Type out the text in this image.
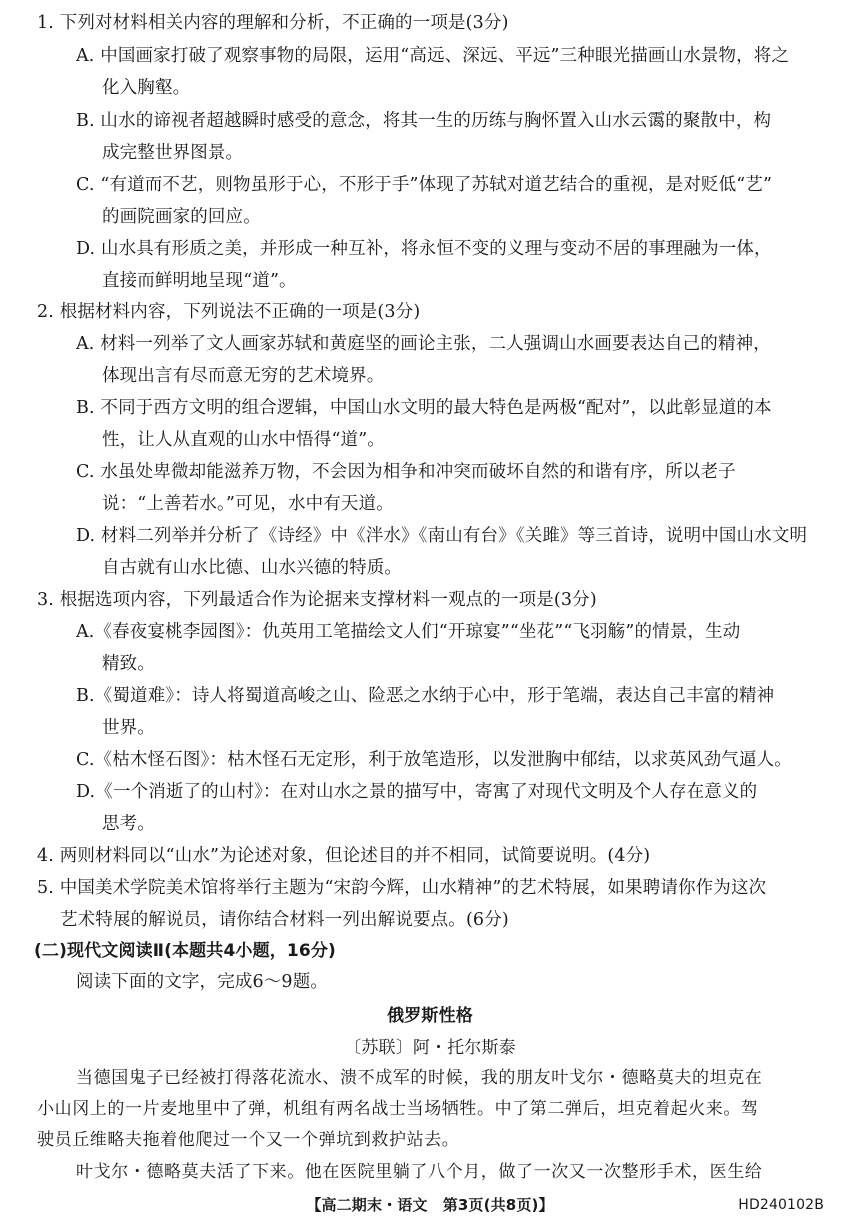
1. 下列对材料相关内容的理解和分析，不正确的一项是(3分)
A. 中国画家打破了观察事物的局限，运用“高远、深远、平远”三种眼光描画山水景物，将之
化入胸壑。
B. 山水的谛视者超越瞬时感受的意念，将其一生的历练与胸怀置入山水云霭的聚散中，构
成完整世界图景。
C. “有道而不艺，则物虽形于心，不形于手”体现了苏轼对道艺结合的重视，是对贬低“艺”
的画院画家的回应。
D. 山水具有形质之美，并形成一种互补，将永恒不变的义理与变动不居的事理融为一体，
直接而鲜明地呈现“道”。
2. 根据材料内容，下列说法不正确的一项是(3分)
A. 材料一列举了文人画家苏轼和黄庭坚的画论主张，二人强调山水画要表达自己的精神，
体现出言有尽而意无穷的艺术境界。
B. 不同于西方文明的组合逻辑，中国山水文明的最大特色是两极“配对”，以此彰显道的本
性，让人从直观的山水中悟得“道”。
C. 水虽处卑微却能滋养万物，不会因为相争和冲突而破坏自然的和谐有序，所以老子
说：“上善若水。”可见，水中有天道。
D. 材料二列举并分析了《诗经》中《泮水》《南山有台》《关雎》等三首诗，说明中国山水文明
自古就有山水比德、山水兴德的特质。
3. 根据选项内容，下列最适合作为论据来支撑材料一观点的一项是(3分)
A.《春夜宴桃李园图》：仇英用工笔描绘文人们“开琼宴”“坐花”“飞羽觞”的情景，生动
精致。
B.《蜀道难》：诗人将蜀道高峻之山、险恶之水纳于心中，形于笔端，表达自己丰富的精神
世界。
C.《枯木怪石图》：枯木怪石无定形，利于放笔造形，以发泄胸中郁结，以求英风劲气逼人。
D.《一个消逝了的山村》：在对山水之景的描写中，寄寓了对现代文明及个人存在意义的
思考。
4. 两则材料同以“山水”为论述对象，但论述目的并不相同，试简要说明。(4分)
5. 中国美术学院美术馆将举行主题为“宋韵今辉，山水精神”的艺术特展，如果聘请你作为这次
艺术特展的解说员，请你结合材料一列出解说要点。(6分)
(二)现代文阅读Ⅱ(本题共4小题，16分)
阅读下面的文字，完成6～9题。
俄罗斯性格
〔苏联〕阿・托尔斯泰
当德国鬼子已经被打得落花流水、溃不成军的时候，我的朋友叶戈尔・德略莫夫的坦克在
小山冈上的一片麦地里中了弹，机组有两名战士当场牺牲。中了第二弹后，坦克着起火来。驾
驶员丘维略夫拖着他爬过一个又一个弹坑到救护站去。
叶戈尔・德略莫夫活了下来。他在医院里躺了八个月，做了一次又一次整形手术，医生给
【高二期末・语文　第3页(共8页)】	HD240102B
